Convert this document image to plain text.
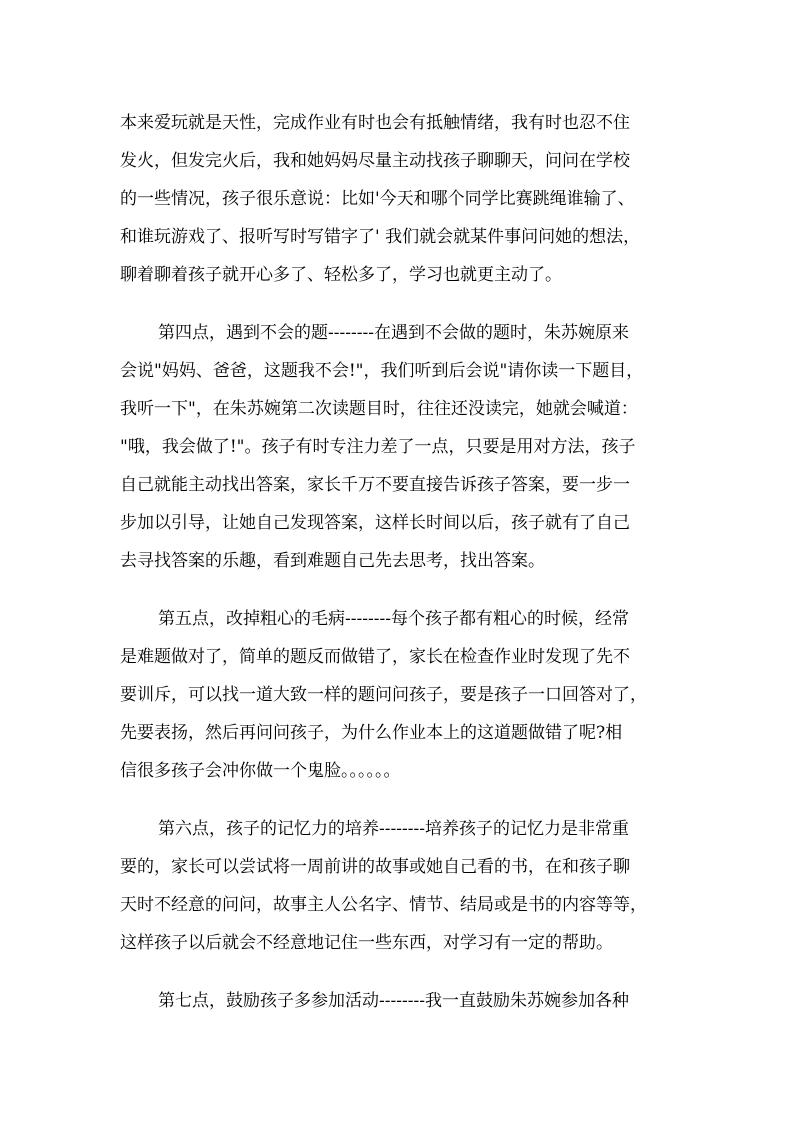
本来爱玩就是天性，完成作业有时也会有抵触情绪，我有时也忍不住
发火，但发完火后，我和她妈妈尽量主动找孩子聊聊天，问问在学校
的一些情况，孩子很乐意说：比如'今天和哪个同学比赛跳绳谁输了、
和谁玩游戏了、报听写时写错字了' 我们就会就某件事问问她的想法，
聊着聊着孩子就开心多了、轻松多了，学习也就更主动了。
第四点，遇到不会的题--------在遇到不会做的题时，朱苏婉原来
会说"妈妈、爸爸，这题我不会!"，我们听到后会说"请你读一下题目，
我听一下"，在朱苏婉第二次读题目时，往往还没读完，她就会喊道：
"哦，我会做了!"。孩子有时专注力差了一点，只要是用对方法，孩子
自己就能主动找出答案，家长千万不要直接告诉孩子答案，要一步一
步加以引导，让她自己发现答案，这样长时间以后，孩子就有了自己
去寻找答案的乐趣，看到难题自己先去思考，找出答案。
第五点，改掉粗心的毛病--------每个孩子都有粗心的时候，经常
是难题做对了，简单的题反而做错了，家长在检查作业时发现了先不
要训斥，可以找一道大致一样的题问问孩子，要是孩子一口回答对了，
先要表扬，然后再问问孩子，为什么作业本上的这道题做错了呢?相
信很多孩子会冲你做一个鬼脸。。。。。。
第六点，孩子的记忆力的培养--------培养孩子的记忆力是非常重
要的，家长可以尝试将一周前讲的故事或她自己看的书，在和孩子聊
天时不经意的问问，故事主人公名字、情节、结局或是书的内容等等，
这样孩子以后就会不经意地记住一些东西，对学习有一定的帮助。
第七点，鼓励孩子多参加活动--------我一直鼓励朱苏婉参加各种
